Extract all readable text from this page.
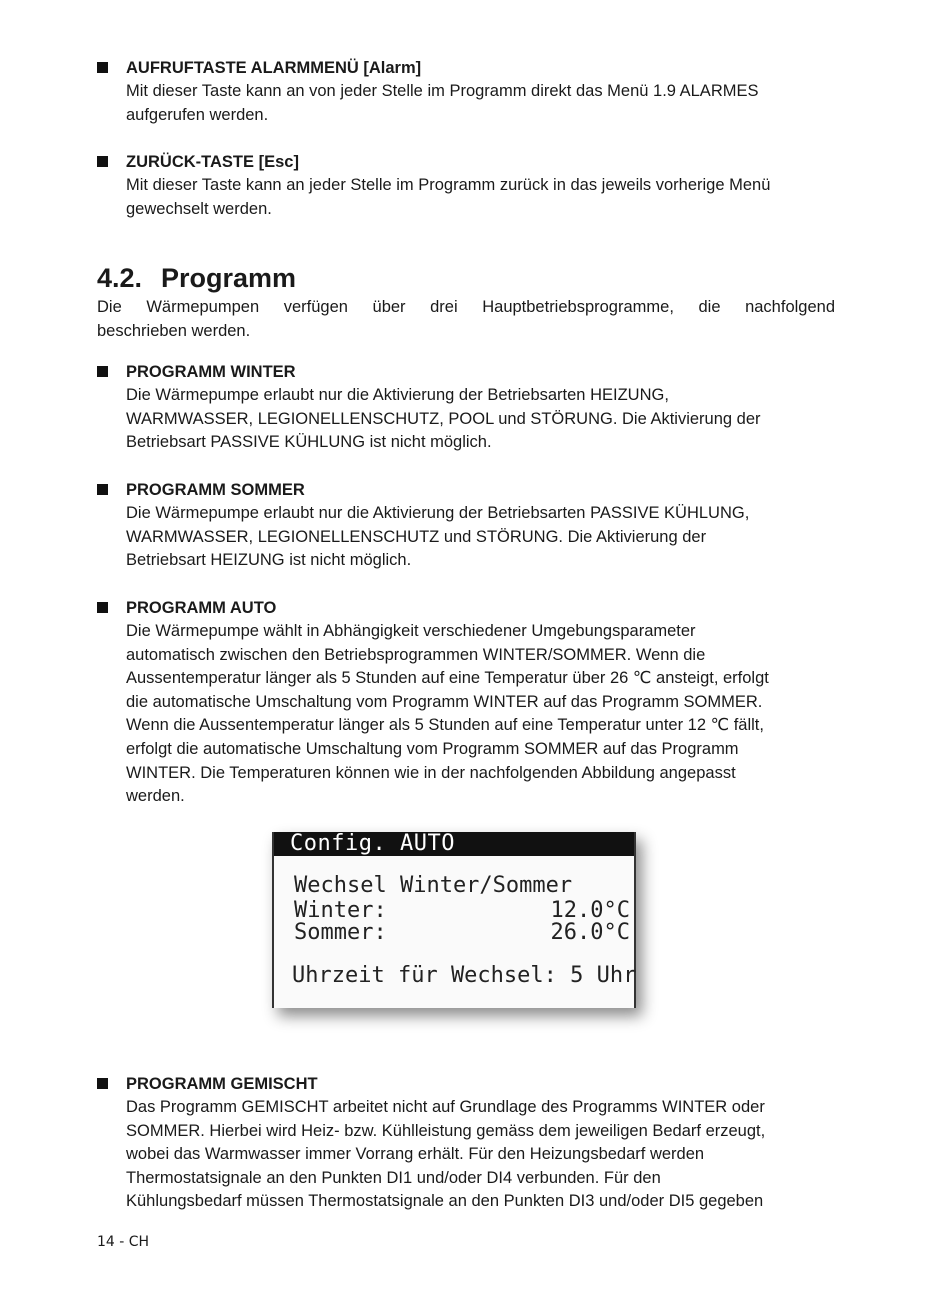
AUFRUFTASTE ALARMMENÜ [Alarm]

Mit dieser Taste kann an von jeder Stelle im Programm direkt das Menü 1.9 ALARMES

aufgerufen werden.

ZURÜCK-TASTE [Esc]

Mit dieser Taste kann an jeder Stelle im Programm zurück in das jeweils vorherige Menü

gewechselt werden.

4.2. Programm
Die Wärmepumpen verfügen über drei Hauptbetriebsprogramme, die nachfolgend
beschrieben werden.
PROGRAMM WINTER

Die Wärmepumpe erlaubt nur die Aktivierung der Betriebsarten HEIZUNG,

WARMWASSER, LEGIONELLENSCHUTZ, POOL und STÖRUNG. Die Aktivierung der

Betriebsart PASSIVE KÜHLUNG ist nicht möglich.

PROGRAMM SOMMER

Die Wärmepumpe erlaubt nur die Aktivierung der Betriebsarten PASSIVE KÜHLUNG,

WARMWASSER, LEGIONELLENSCHUTZ und STÖRUNG. Die Aktivierung der

Betriebsart HEIZUNG ist nicht möglich.

PROGRAMM AUTO

Die Wärmepumpe wählt in Abhängigkeit verschiedener Umgebungsparameter

automatisch zwischen den Betriebsprogrammen WINTER/SOMMER. Wenn die

Aussentemperatur länger als 5 Stunden auf eine Temperatur über 26 ℃ ansteigt, erfolgt

die automatische Umschaltung vom Programm WINTER auf das Programm SOMMER.

Wenn die Aussentemperatur länger als 5 Stunden auf eine Temperatur unter 12 ℃ fällt,

erfolgt die automatische Umschaltung vom Programm SOMMER auf das Programm

WINTER. Die Temperaturen können wie in der nachfolgenden Abbildung angepasst

werden.

Config. AUTO
Wechsel Winter/Sommer
Winter:	12.0°C
Sommer:	26.0°C
Uhrzeit für Wechsel: 5 Uhr
PROGRAMM GEMISCHT

Das Programm GEMISCHT arbeitet nicht auf Grundlage des Programms WINTER oder

SOMMER. Hierbei wird Heiz- bzw. Kühlleistung gemäss dem jeweiligen Bedarf erzeugt,

wobei das Warmwasser immer Vorrang erhält. Für den Heizungsbedarf werden

Thermostatsignale an den Punkten DI1 und/oder DI4 verbunden. Für den

Kühlungsbedarf müssen Thermostatsignale an den Punkten DI3 und/oder DI5 gegeben

14 - CH
